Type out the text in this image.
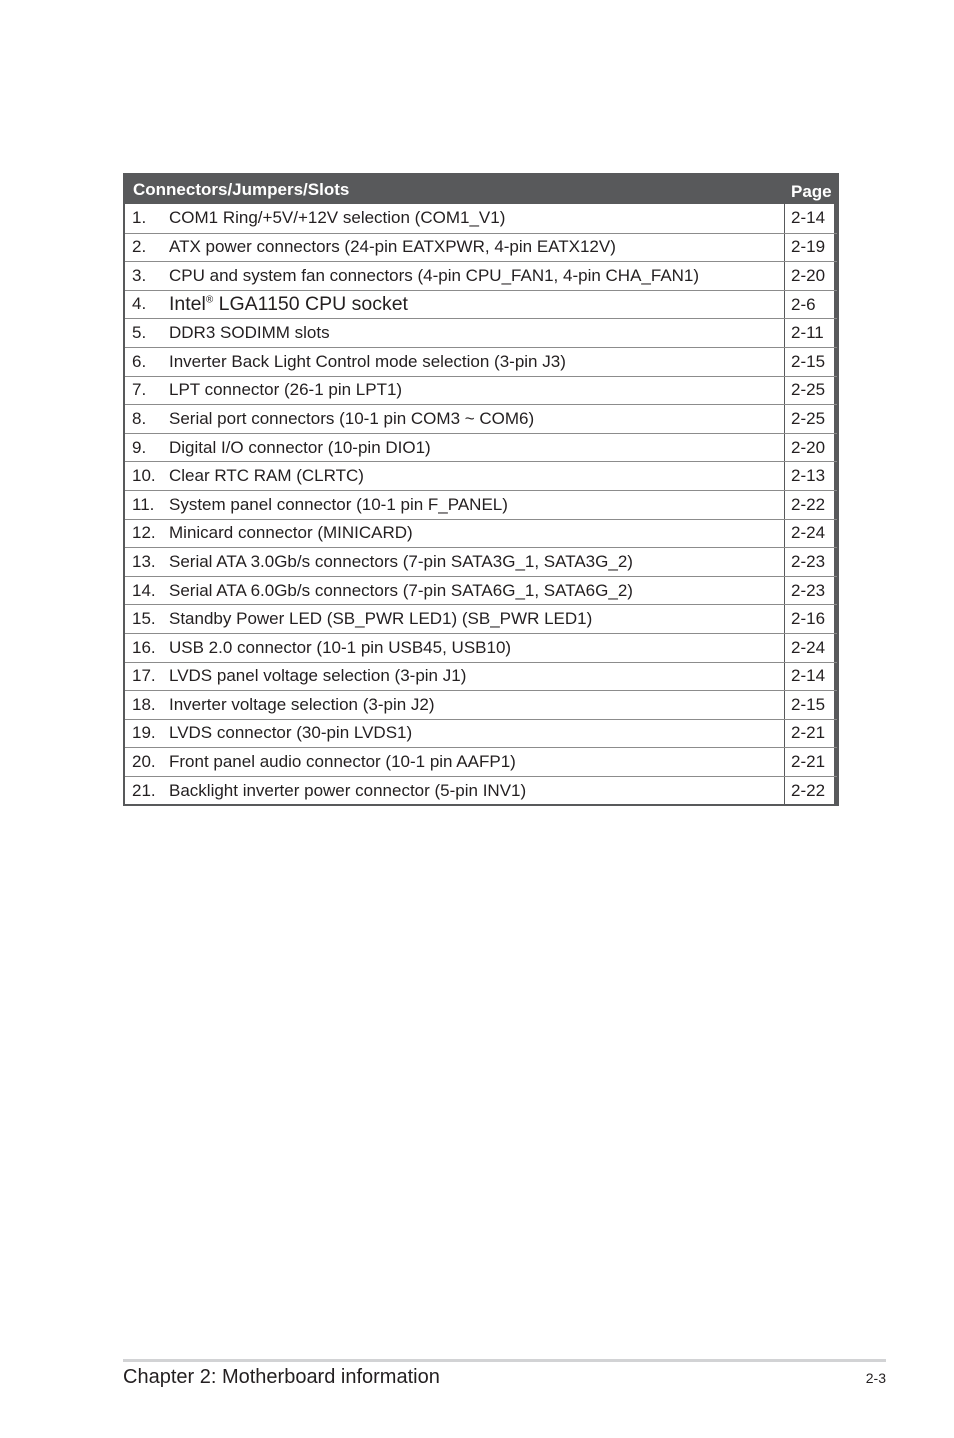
Connectors/Jumpers/Slots	Page
1.	COM1 Ring/+5V/+12V selection (COM1_V1)	2-14
2.	ATX power connectors (24-pin EATXPWR, 4-pin EATX12V)	2-19
3.	CPU and system fan connectors (4-pin CPU_FAN1, 4-pin CHA_FAN1)	2-20
4.	Intel® LGA1150 CPU socket	2-6
5.	DDR3 SODIMM slots	2-11
6.	Inverter Back Light Control mode selection (3-pin J3)	2-15
7.	LPT connector (26-1 pin LPT1)	2-25
8.	Serial port connectors (10-1 pin COM3 ~ COM6)	2-25
9.	Digital I/O connector (10-pin DIO1)	2-20
10. Clear RTC RAM (CLRTC)	2-13
11. System panel connector (10-1 pin F_PANEL)	2-22
12. Minicard connector (MINICARD)	2-24
13. Serial ATA 3.0Gb/s connectors (7-pin SATA3G_1, SATA3G_2)	2-23
14. Serial ATA 6.0Gb/s connectors (7-pin SATA6G_1, SATA6G_2)	2-23
15. Standby Power LED (SB_PWR LED1) (SB_PWR LED1)	2-16
16. USB 2.0 connector (10-1 pin USB45, USB10)	2-24
17. LVDS panel voltage selection (3-pin J1)	2-14
18. Inverter voltage selection (3-pin J2)	2-15
19. LVDS connector (30-pin LVDS1)	2-21
20. Front panel audio connector (10-1 pin AAFP1)	2-21
21. Backlight inverter power connector (5-pin INV1)	2-22
Chapter 2: Motherboard information	2-3
